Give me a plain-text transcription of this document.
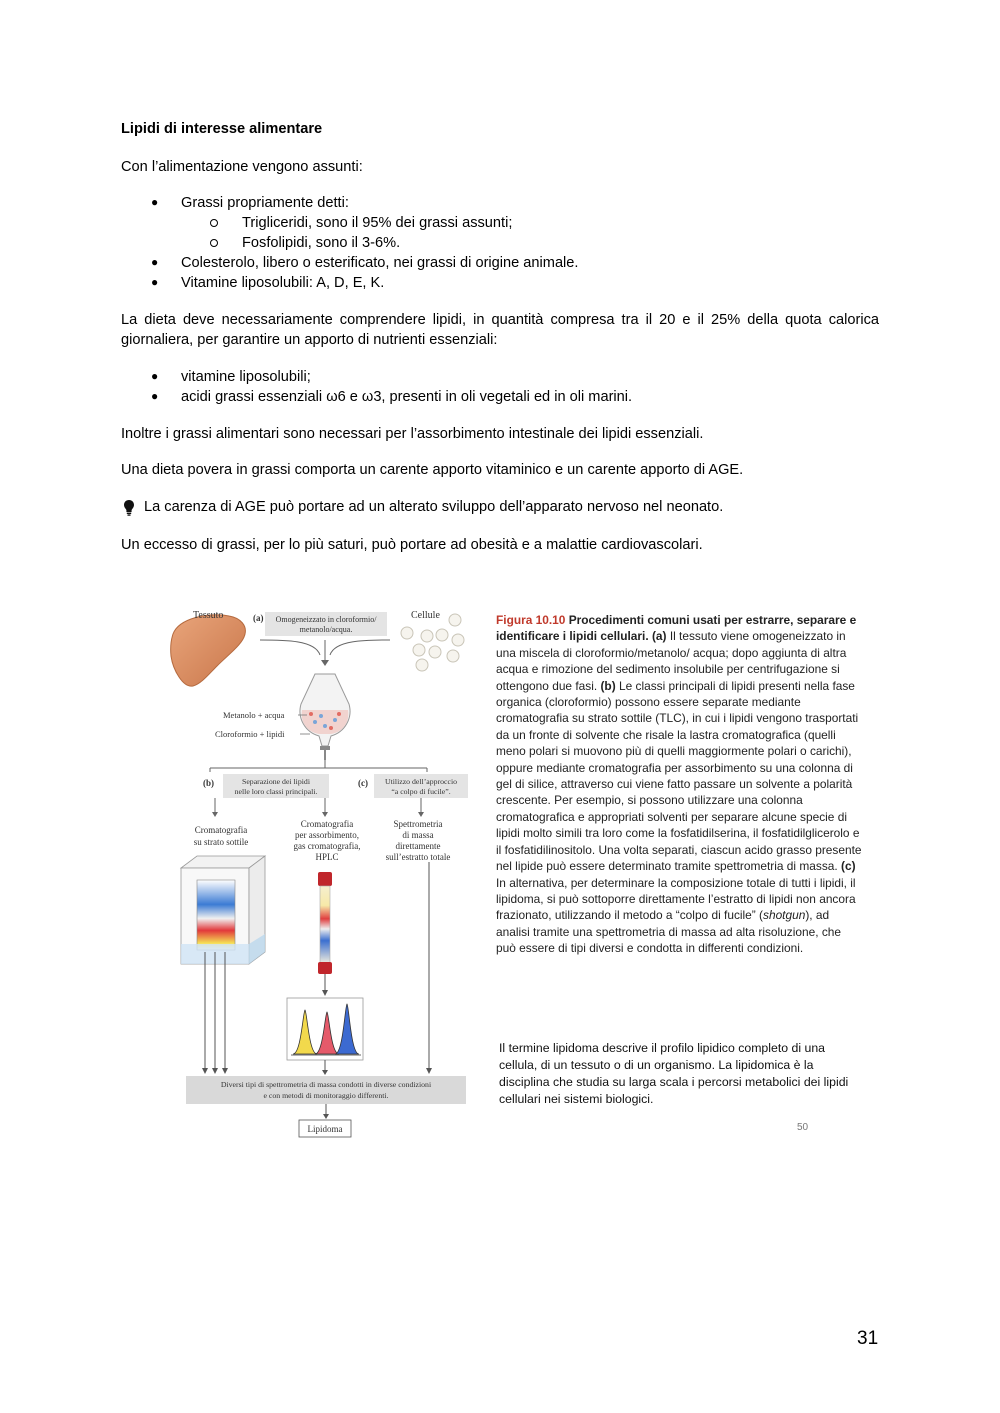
Lipidi di interesse alimentare
Con l’alimentazione vengono assunti:
● Grassi propriamente detti:
Trigliceridi, sono il 95% dei grassi assunti;
Fosfolipidi, sono il 3-6%.
● Colesterolo, libero o esterificato, nei grassi di origine animale.
● Vitamine liposolubili: A, D, E, K.
La dieta deve necessariamente comprendere lipidi, in quantità compresa tra il 20 e il 25% della quota calorica giornaliera, per garantire un apporto di nutrienti essenziali:
● vitamine liposolubili;
● acidi grassi essenziali ω6 e ω3, presenti in oli vegetali ed in oli marini.
Inoltre i grassi alimentari sono necessari per l’assorbimento intestinale dei lipidi essenziali.
Una dieta povera in grassi comporta un carente apporto vitaminico e un carente apporto di AGE.
La carenza di AGE può portare ad un alterato sviluppo dell’apparato nervoso nel neonato.
Un eccesso di grassi, per lo più saturi, può portare ad obesità e a malattie cardiovascolari.
Tessuto	(a) Omogeneizzato in cloroformio/
metanolo/acqua.
Cellule
Metanolo + acqua
Cloroformio + lipidi
(b)	Separazione dei lipidi
nelle loro classi principali.
(c) Utilizzo dell’approccio
“a colpo di fucile”.
Cromatografia
su strato sottile
Cromatografia
per assorbimento,
gas cromatografia,
HPLC
Spettrometria
di massa
direttamente
sull’estratto totale
Diversi tipi di spettrometria di massa condotti in diverse condizioni
e con metodi di monitoraggio differenti.
Lipidoma
Figura 10.10 Procedimenti comuni usati per estrarre, separare e identificare i lipidi cellulari. (a) Il tessuto viene omogeneizzato in una miscela di cloroformio/metanolo/ acqua; dopo aggiunta di altra acqua e rimozione del sedimento insolubile per centrifugazione si ottengono due fasi. (b) Le classi principali di lipidi presenti nella fase organica (cloroformio) possono essere separate mediante cromatografia su strato sottile (TLC), in cui i lipidi vengono trasportati da un fronte di solvente che risale la lastra cromatografica (quelli meno polari si muovono più di quelli maggiormente polari o carichi), oppure mediante cromatografia per assorbimento su una colonna di gel di silice, attraverso cui viene fatto passare un solvente a polarità crescente. Per esempio, si possono utilizzare una colonna cromatografica e appropriati solventi per separare alcune specie di lipidi molto simili tra loro come la fosfatidilserina, il fosfatidilglicerolo e il fosfatidilinositolo. Una volta separati, ciascun acido grasso presente nel lipide può essere determinato tramite spettrometria di massa. (c) In alternativa, per determinare la composizione totale di tutti i lipidi, il lipidoma, si può sottoporre direttamente l’estratto di lipidi non ancora frazionato, utilizzando il metodo a “colpo di fucile” (shotgun), ad analisi tramite una spettrometria di massa ad alta risoluzione, che può essere di tipi diversi e condotta in differenti condizioni.
Il termine lipidoma descrive il profilo lipidico completo di una cellula, di un tessuto o di un organismo. La lipidomica è la disciplina che studia su larga scala i percorsi metabolici dei lipidi cellulari nei sistemi biologici.
50
31
